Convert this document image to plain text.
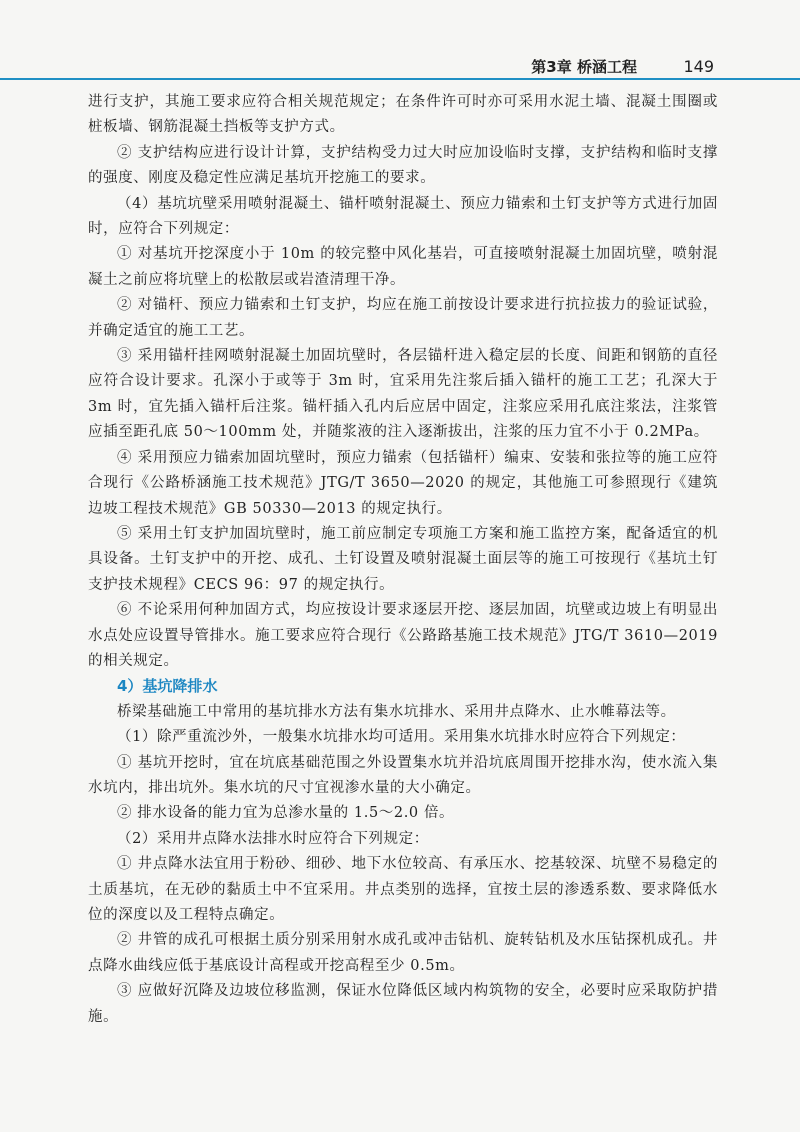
第3章 桥涵工程	149

进行支护，其施工要求应符合相关规范规定；在条件许可时亦可采用水泥土墙、混凝土围圈或桩板墙、钢筋混凝土挡板等支护方式。

② 支护结构应进行设计计算，支护结构受力过大时应加设临时支撑，支护结构和临时支撑的强度、刚度及稳定性应满足基坑开挖施工的要求。

（4）基坑坑壁采用喷射混凝土、锚杆喷射混凝土、预应力锚索和土钉支护等方式进行加固时，应符合下列规定：

① 对基坑开挖深度小于 10m 的较完整中风化基岩，可直接喷射混凝土加固坑壁，喷射混凝土之前应将坑壁上的松散层或岩渣清理干净。

② 对锚杆、预应力锚索和土钉支护，均应在施工前按设计要求进行抗拉拔力的验证试验，并确定适宜的施工工艺。

③ 采用锚杆挂网喷射混凝土加固坑壁时，各层锚杆进入稳定层的长度、间距和钢筋的直径应符合设计要求。孔深小于或等于 3m 时，宜采用先注浆后插入锚杆的施工工艺；孔深大于 3m 时，宜先插入锚杆后注浆。锚杆插入孔内后应居中固定，注浆应采用孔底注浆法，注浆管应插至距孔底 50～100mm 处，并随浆液的注入逐渐拔出，注浆的压力宜不小于 0.2MPa。

④ 采用预应力锚索加固坑壁时，预应力锚索（包括锚杆）编束、安装和张拉等的施工应符合现行《公路桥涵施工技术规范》JTG/T 3650—2020 的规定，其他施工可参照现行《建筑边坡工程技术规范》GB 50330—2013 的规定执行。

⑤ 采用土钉支护加固坑壁时，施工前应制定专项施工方案和施工监控方案，配备适宜的机具设备。土钉支护中的开挖、成孔、土钉设置及喷射混凝土面层等的施工可按现行《基坑土钉支护技术规程》CECS 96：97 的规定执行。

⑥ 不论采用何种加固方式，均应按设计要求逐层开挖、逐层加固，坑壁或边坡上有明显出水点处应设置导管排水。施工要求应符合现行《公路路基施工技术规范》JTG/T 3610—2019 的相关规定。

4）基坑降排水

桥梁基础施工中常用的基坑排水方法有集水坑排水、采用井点降水、止水帷幕法等。

（1）除严重流沙外，一般集水坑排水均可适用。采用集水坑排水时应符合下列规定：

① 基坑开挖时，宜在坑底基础范围之外设置集水坑并沿坑底周围开挖排水沟，使水流入集水坑内，排出坑外。集水坑的尺寸宜视渗水量的大小确定。

② 排水设备的能力宜为总渗水量的 1.5～2.0 倍。

（2）采用井点降水法排水时应符合下列规定：

① 井点降水法宜用于粉砂、细砂、地下水位较高、有承压水、挖基较深、坑壁不易稳定的土质基坑，在无砂的黏质土中不宜采用。井点类别的选择，宜按土层的渗透系数、要求降低水位的深度以及工程特点确定。

② 井管的成孔可根据土质分别采用射水成孔或冲击钻机、旋转钻机及水压钻探机成孔。井点降水曲线应低于基底设计高程或开挖高程至少 0.5m。

③ 应做好沉降及边坡位移监测，保证水位降低区域内构筑物的安全，必要时应采取防护措施。
